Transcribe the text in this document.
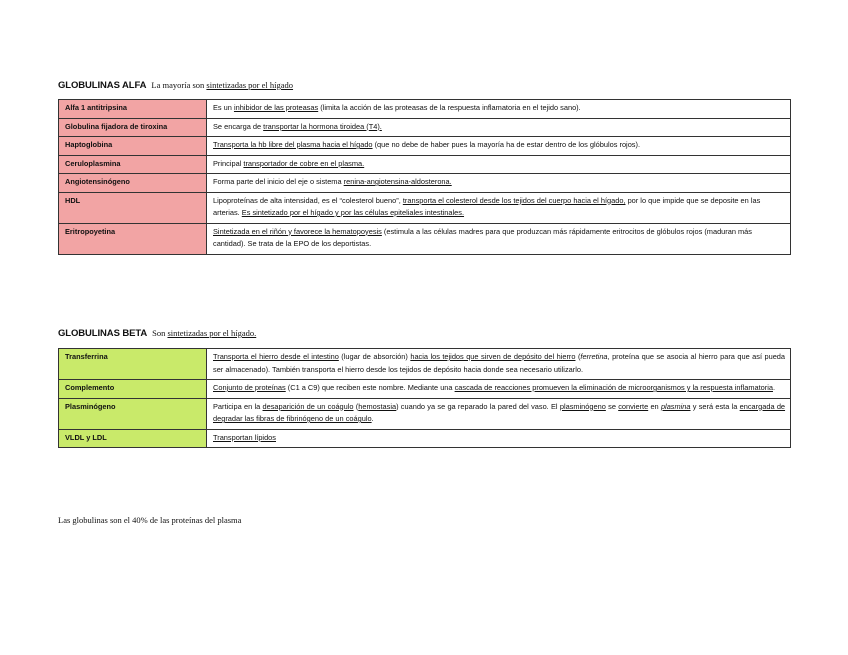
GLOBULINAS ALFA La mayoría son sintetizadas por el hígado
Alfa 1 antitripsina	Es un inhibidor de las proteasas (limita la acción de las proteasas de la respuesta inflamatoria en el tejido sano).
Globulina fijadora de tiroxina	Se encarga de transportar la hormona tiroidea (T4).
Haptoglobina	Transporta la hb libre del plasma hacia el hígado (que no debe de haber pues la mayoría ha de estar dentro de los glóbulos rojos).
Ceruloplasmina	Principal transportador de cobre en el plasma.
Angiotensinógeno	Forma parte del inicio del eje o sistema renina-angiotensina-aldosterona.
HDL	Lipoproteínas de alta intensidad, es el “colesterol bueno”, transporta el colesterol desde los tejidos del cuerpo hacia el hígado, por lo que impide que se deposite en las arterias. Es sintetizado por el hígado y por las células epiteliales intestinales.
Eritropoyetina	Sintetizada en el riñón y favorece la hematopoyesis (estimula a las células madres para que produzcan más rápidamente eritrocitos de glóbulos rojos (maduran más cantidad). Se trata de la EPO de los deportistas.
GLOBULINAS BETA Son sintetizadas por el hígado.
Transferrina	Transporta el hierro desde el intestino (lugar de absorción) hacia los tejidos que sirven de depósito del hierro (ferretina, proteína que se asocia al hierro para que así pueda ser almacenado). También transporta el hierro desde los tejidos de depósito hacia donde sea necesario utilizarlo.
Complemento	Conjunto de proteínas (C1 a C9) que reciben este nombre. Mediante una cascada de reacciones promueven la eliminación de microorganismos y la respuesta inflamatoria.
Plasminógeno	Participa en la desaparición de un coágulo (hemostasia) cuando ya se ga reparado la pared del vaso. El plasminógeno se convierte en plasmina y será esta la encargada de degradar las fibras de fibrinógeno de un coágulo.
VLDL y LDL	Transportan lípidos
Las globulinas son el 40% de las proteínas del plasma
